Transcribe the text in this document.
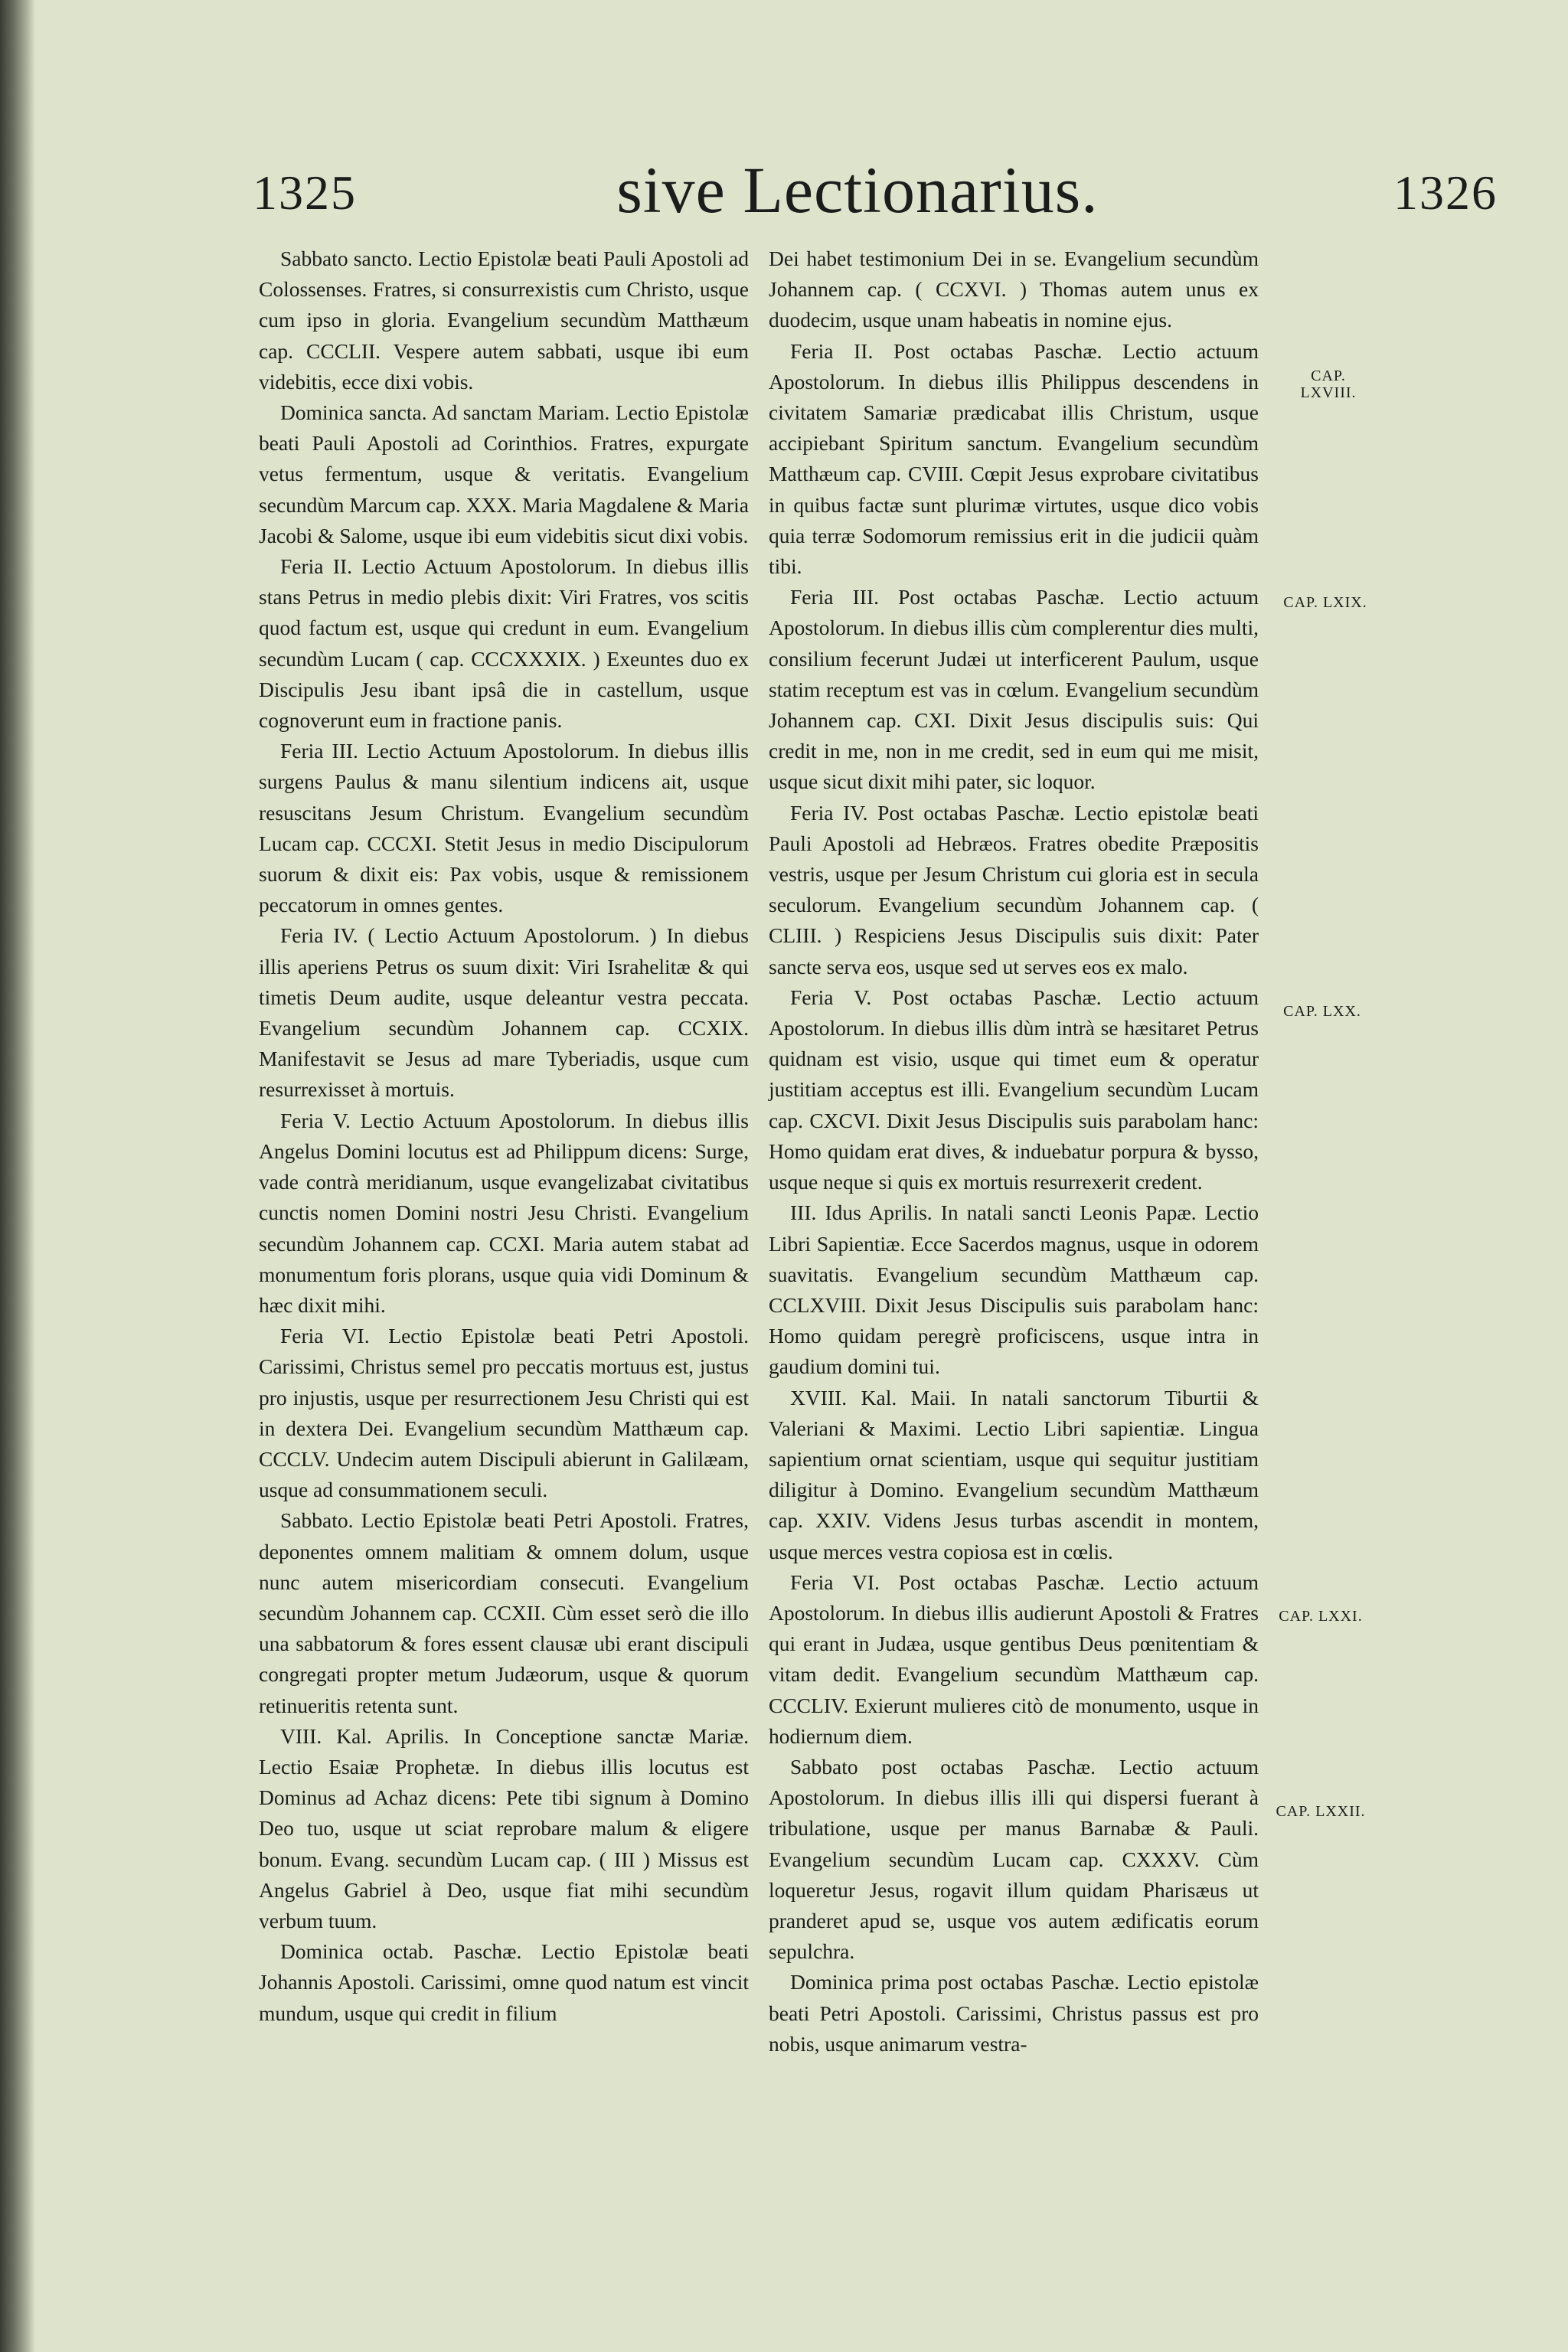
1325	sive Lectionarius.	1326

Sabbato sancto. Lectio Epistolæ beati Pauli Apostoli ad Colossenses. Fratres, si consurrexistis cum Christo, usque cum ipso in gloria. Evangelium secundùm Matthæum cap. CCCLII. Vespere autem sabbati, usque ibi eum videbitis, ecce dixi vobis.

Dominica sancta. Ad sanctam Mariam. Lectio Epistolæ beati Pauli Apostoli ad Corinthios. Fratres, expurgate vetus fermentum, usque & veritatis. Evangelium secundùm Marcum cap. XXX. Maria Magdalene & Maria Jacobi & Salome, usque ibi eum videbitis sicut dixi vobis.

Feria II. Lectio Actuum Apostolorum. In diebus illis stans Petrus in medio plebis dixit: Viri Fratres, vos scitis quod factum est, usque qui credunt in eum. Evangelium secundùm Lucam ( cap. CCCXXXIX. ) Exeuntes duo ex Discipulis Jesu ibant ipsâ die in castellum, usque cognoverunt eum in fractione panis.

Feria III. Lectio Actuum Apostolorum. In diebus illis surgens Paulus & manu silentium indicens ait, usque resuscitans Jesum Christum. Evangelium secundùm Lucam cap. CCCXI. Stetit Jesus in medio Discipulorum suorum & dixit eis: Pax vobis, usque & remissionem peccatorum in omnes gentes.

Feria IV. ( Lectio Actuum Apostolorum. ) In diebus illis aperiens Petrus os suum dixit: Viri Israhelitæ & qui timetis Deum audite, usque deleantur vestra peccata. Evangelium secundùm Johannem cap. CCXIX. Manifestavit se Jesus ad mare Tyberiadis, usque cum resurrexisset à mortuis.

Feria V. Lectio Actuum Apostolorum. In diebus illis Angelus Domini locutus est ad Philippum dicens: Surge, vade contrà meridianum, usque evangelizabat civitatibus cunctis nomen Domini nostri Jesu Christi. Evangelium secundùm Johannem cap. CCXI. Maria autem stabat ad monumentum foris plorans, usque quia vidi Dominum & hæc dixit mihi.

Feria VI. Lectio Epistolæ beati Petri Apostoli. Carissimi, Christus semel pro peccatis mortuus est, justus pro injustis, usque per resurrectionem Jesu Christi qui est in dextera Dei. Evangelium secundùm Matthæum cap. CCCLV. Undecim autem Discipuli abierunt in Galilæam, usque ad consummationem seculi.

Sabbato. Lectio Epistolæ beati Petri Apostoli. Fratres, deponentes omnem malitiam & omnem dolum, usque nunc autem misericordiam consecuti. Evangelium secundùm Johannem cap. CCXII. Cùm esset serò die illo una sabbatorum & fores essent clausæ ubi erant discipuli congregati propter metum Judæorum, usque & quorum retinueritis retenta sunt.

VIII. Kal. Aprilis. In Conceptione sanctæ Mariæ. Lectio Esaiæ Prophetæ. In diebus illis locutus est Dominus ad Achaz dicens: Pete tibi signum à Domino Deo tuo, usque ut sciat reprobare malum & eligere bonum. Evang. secundùm Lucam cap. ( III ) Missus est Angelus Gabriel à Deo, usque fiat mihi secundùm verbum tuum.

Dominica octab. Paschæ. Lectio Epistolæ beati Johannis Apostoli. Carissimi, omne quod natum est vincit mundum, usque qui credit in filium

Dei habet testimonium Dei in se. Evangelium secundùm Johannem cap. ( CCXVI. ) Thomas autem unus ex duodecim, usque unam habeatis in nomine ejus.

Feria II. Post octabas Paschæ. Lectio actuum Apostolorum. In diebus illis Philippus descendens in civitatem Samariæ prædicabat illis Christum, usque accipiebant Spiritum sanctum. Evangelium secundùm Matthæum cap. CVIII. Cœpit Jesus exprobare civitatibus in quibus factæ sunt plurimæ virtutes, usque dico vobis quia terræ Sodomorum remissius erit in die judicii quàm tibi.

Feria III. Post octabas Paschæ. Lectio actuum Apostolorum. In diebus illis cùm complerentur dies multi, consilium fecerunt Judæi ut interficerent Paulum, usque statim receptum est vas in cœlum. Evangelium secundùm Johannem cap. CXI. Dixit Jesus discipulis suis: Qui credit in me, non in me credit, sed in eum qui me misit, usque sicut dixit mihi pater, sic loquor.

Feria IV. Post octabas Paschæ. Lectio epistolæ beati Pauli Apostoli ad Hebræos. Fratres obedite Præpositis vestris, usque per Jesum Christum cui gloria est in secula seculorum. Evangelium secundùm Johannem cap. ( CLIII. ) Respiciens Jesus Discipulis suis dixit: Pater sancte serva eos, usque sed ut serves eos ex malo.

Feria V. Post octabas Paschæ. Lectio actuum Apostolorum. In diebus illis dùm intrà se hæsitaret Petrus quidnam est visio, usque qui timet eum & operatur justitiam acceptus est illi. Evangelium secundùm Lucam cap. CXCVI. Dixit Jesus Discipulis suis parabolam hanc: Homo quidam erat dives, & induebatur porpura & bysso, usque neque si quis ex mortuis resurrexerit credent.

III. Idus Aprilis. In natali sancti Leonis Papæ. Lectio Libri Sapientiæ. Ecce Sacerdos magnus, usque in odorem suavitatis. Evangelium secundùm Matthæum cap. CCLXVIII. Dixit Jesus Discipulis suis parabolam hanc: Homo quidam peregrè proficiscens, usque intra in gaudium domini tui.

XVIII. Kal. Maii. In natali sanctorum Tiburtii & Valeriani & Maximi. Lectio Libri sapientiæ. Lingua sapientium ornat scientiam, usque qui sequitur justitiam diligitur à Domino. Evangelium secundùm Matthæum cap. XXIV. Videns Jesus turbas ascendit in montem, usque merces vestra copiosa est in cœlis.

Feria VI. Post octabas Paschæ. Lectio actuum Apostolorum. In diebus illis audierunt Apostoli & Fratres qui erant in Judæa, usque gentibus Deus pœnitentiam & vitam dedit. Evangelium secundùm Matthæum cap. CCCLIV. Exierunt mulieres citò de monumento, usque in hodiernum diem.

Sabbato post octabas Paschæ. Lectio actuum Apostolorum. In diebus illis illi qui dispersi fuerant à tribulatione, usque per manus Barnabæ & Pauli. Evangelium secundùm Lucam cap. CXXXV. Cùm loqueretur Jesus, rogavit illum quidam Pharisæus ut pranderet apud se, usque vos autem ædificatis eorum sepulchra.

Dominica prima post octabas Paschæ. Lectio epistolæ beati Petri Apostoli. Carissimi, Christus passus est pro nobis, usque animarum vestra-

CAP. LXVIII.
CAP. LXIX.
CAP. LXX.
CAP. LXXI.
CAP. LXXII.
